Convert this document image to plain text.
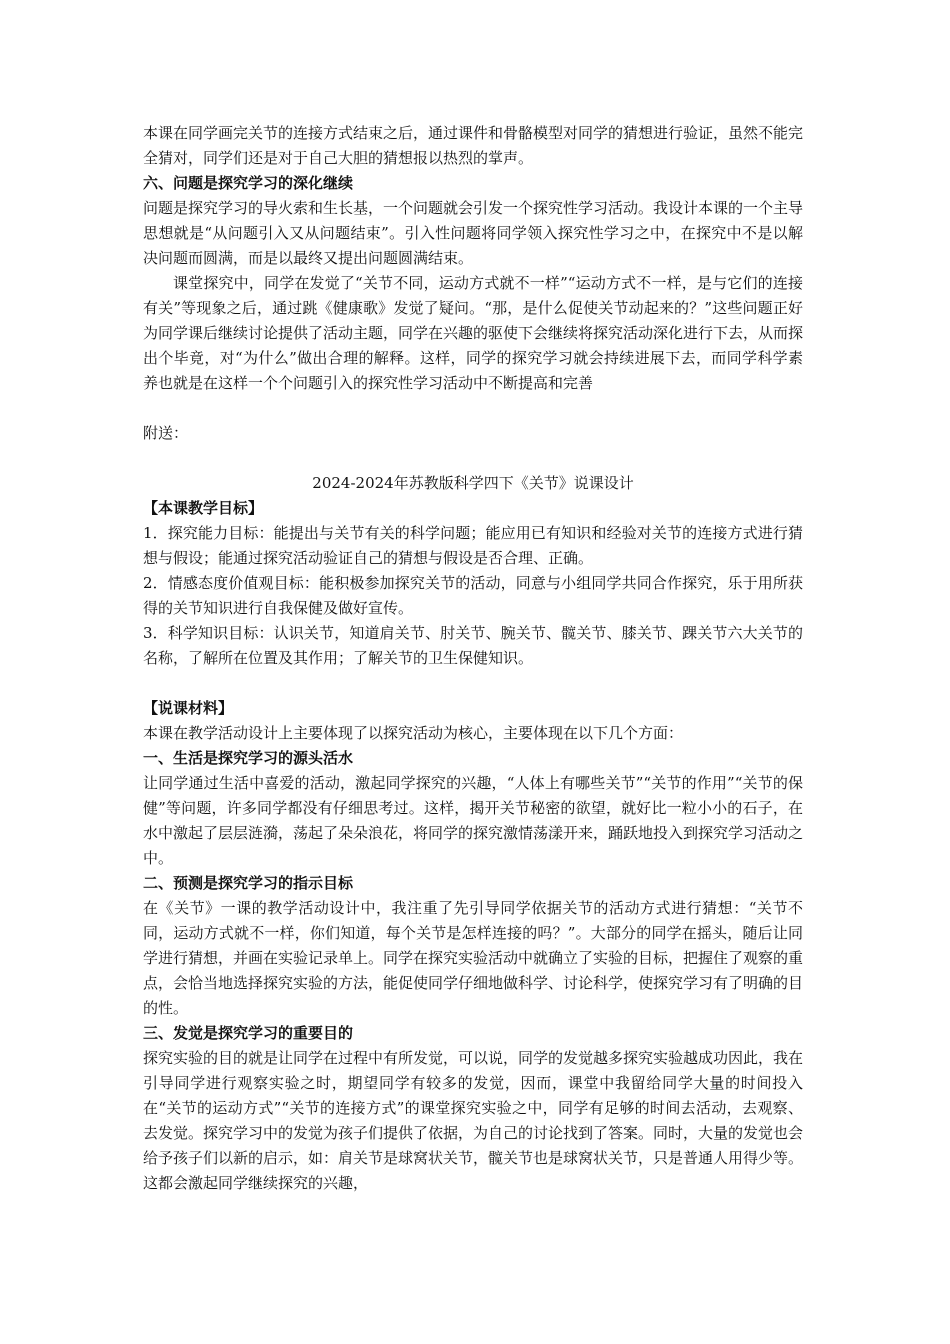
本课在同学画完关节的连接方式结束之后，通过课件和骨骼模型对同学的猜想进行验证，虽然不能完全猜对，同学们还是对于自己大胆的猜想报以热烈的掌声。

六、问题是探究学习的深化继续

问题是探究学习的导火索和生长基，一个问题就会引发一个探究性学习活动。我设计本课的一个主导思想就是“从问题引入又从问题结束”。引入性问题将同学领入探究性学习之中，在探究中不是以解决问题而圆满，而是以最终又提出问题圆满结束。

课堂探究中，同学在发觉了“关节不同，运动方式就不一样”“运动方式不一样，是与它们的连接有关”等现象之后，通过跳《健康歌》发觉了疑问。“那，是什么促使关节动起来的？”这些问题正好为同学课后继续讨论提供了活动主题，同学在兴趣的驱使下会继续将探究活动深化进行下去，从而探出个毕竟，对“为什么”做出合理的解释。这样，同学的探究学习就会持续进展下去，而同学科学素养也就是在这样一个个问题引入的探究性学习活动中不断提高和完善

附送：

2024-2024年苏教版科学四下《关节》说课设计

【本课教学目标】

1．探究能力目标：能提出与关节有关的科学问题；能应用已有知识和经验对关节的连接方式进行猜想与假设；能通过探究活动验证自己的猜想与假设是否合理、正确。

2．情感态度价值观目标：能积极参加探究关节的活动，同意与小组同学共同合作探究，乐于用所获得的关节知识进行自我保健及做好宣传。

3．科学知识目标：认识关节，知道肩关节、肘关节、腕关节、髋关节、膝关节、踝关节六大关节的名称，了解所在位置及其作用；了解关节的卫生保健知识。

【说课材料】

本课在教学活动设计上主要体现了以探究活动为核心，主要体现在以下几个方面：

一、生活是探究学习的源头活水

让同学通过生活中喜爱的活动，激起同学探究的兴趣，“人体上有哪些关节”“关节的作用”“关节的保健”等问题，许多同学都没有仔细思考过。这样，揭开关节秘密的欲望，就好比一粒小小的石子，在水中激起了层层涟漪，荡起了朵朵浪花，将同学的探究激情荡漾开来，踊跃地投入到探究学习活动之中。

二、预测是探究学习的指示目标

在《关节》一课的教学活动设计中，我注重了先引导同学依据关节的活动方式进行猜想：“关节不同，运动方式就不一样，你们知道，每个关节是怎样连接的吗？”。大部分的同学在摇头，随后让同学进行猜想，并画在实验记录单上。同学在探究实验活动中就确立了实验的目标，把握住了观察的重点，会恰当地选择探究实验的方法，能促使同学仔细地做科学、讨论科学，使探究学习有了明确的目的性。

三、发觉是探究学习的重要目的

探究实验的目的就是让同学在过程中有所发觉，可以说，同学的发觉越多探究实验越成功因此，我在引导同学进行观察实验之时，期望同学有较多的发觉，因而，课堂中我留给同学大量的时间投入在“关节的运动方式”“关节的连接方式”的课堂探究实验之中，同学有足够的时间去活动，去观察、去发觉。探究学习中的发觉为孩子们提供了依据，为自己的讨论找到了答案。同时，大量的发觉也会给予孩子们以新的启示，如：肩关节是球窝状关节，髋关节也是球窝状关节，只是普通人用得少等。这都会激起同学继续探究的兴趣，
